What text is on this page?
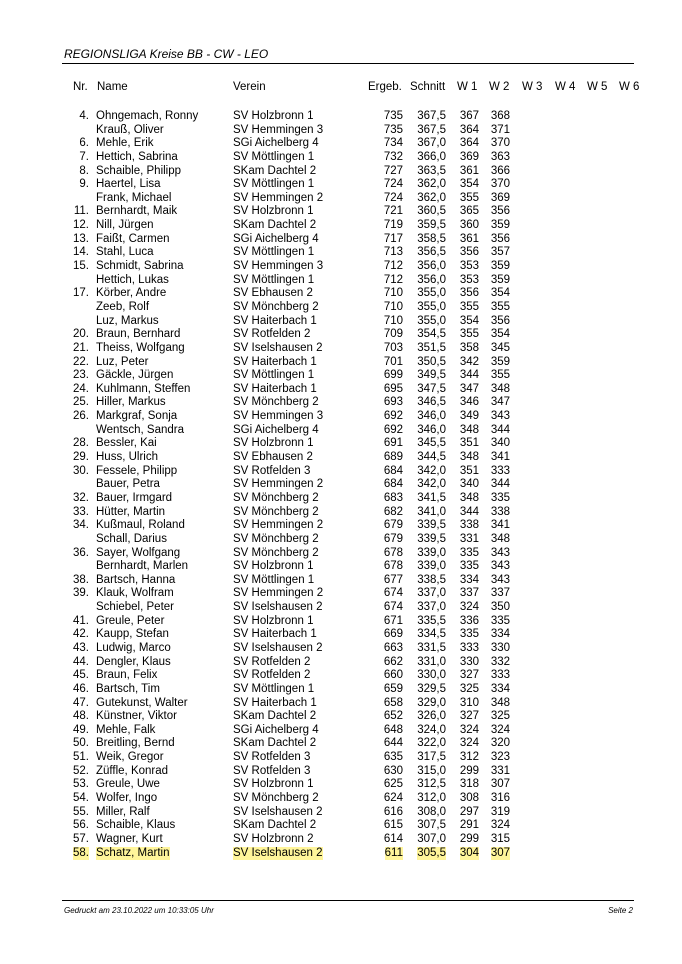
REGIONSLIGA Kreise BB - CW - LEO
Nr. Name	Verein	Ergeb. Schnitt W 1 W 2 W 3 W 4 W 5 W 6
4. Ohngemach, Ronny	SV Holzbronn 1	735 367,5 367 368
Krauß, Oliver	SV Hemmingen 3	735 367,5 364 371
6. Mehle, Erik	SGi Aichelberg 4	734 367,0 364 370
7. Hettich, Sabrina	SV Möttlingen 1	732 366,0 369 363
8. Schaible, Philipp	SKam Dachtel 2	727 363,5 361 366
9. Haertel, Lisa	SV Möttlingen 1	724 362,0 354 370
Frank, Michael	SV Hemmingen 2	724 362,0 355 369
11. Bernhardt, Maik	SV Holzbronn 1	721 360,5 365 356
12. Nill, Jürgen	SKam Dachtel 2	719 359,5 360 359
13. Faißt, Carmen	SGi Aichelberg 4	717 358,5 361 356
14. Stahl, Luca	SV Möttlingen 1	713 356,5 356 357
15. Schmidt, Sabrina	SV Hemmingen 3	712 356,0 353 359
Hettich, Lukas	SV Möttlingen 1	712 356,0 353 359
17. Körber, Andre	SV Ebhausen 2	710 355,0 356 354
Zeeb, Rolf	SV Mönchberg 2	710 355,0 355 355
Luz, Markus	SV Haiterbach 1	710 355,0 354 356
20. Braun, Bernhard	SV Rotfelden 2	709 354,5 355 354
21. Theiss, Wolfgang	SV Iselshausen 2	703 351,5 358 345
22. Luz, Peter	SV Haiterbach 1	701 350,5 342 359
23. Gäckle, Jürgen	SV Möttlingen 1	699 349,5 344 355
24. Kuhlmann, Steffen	SV Haiterbach 1	695 347,5 347 348
25. Hiller, Markus	SV Mönchberg 2	693 346,5 346 347
26. Markgraf, Sonja	SV Hemmingen 3	692 346,0 349 343
Wentsch, Sandra	SGi Aichelberg 4	692 346,0 348 344
28. Bessler, Kai	SV Holzbronn 1	691 345,5 351 340
29. Huss, Ulrich	SV Ebhausen 2	689 344,5 348 341
30. Fessele, Philipp	SV Rotfelden 3	684 342,0 351 333
Bauer, Petra	SV Hemmingen 2	684 342,0 340 344
32. Bauer, Irmgard	SV Mönchberg 2	683 341,5 348 335
33. Hütter, Martin	SV Mönchberg 2	682 341,0 344 338
34. Kußmaul, Roland	SV Hemmingen 2	679 339,5 338 341
Schall, Darius	SV Mönchberg 2	679 339,5 331 348
36. Sayer, Wolfgang	SV Mönchberg 2	678 339,0 335 343
Bernhardt, Marlen	SV Holzbronn 1	678 339,0 335 343
38. Bartsch, Hanna	SV Möttlingen 1	677 338,5 334 343
39. Klauk, Wolfram	SV Hemmingen 2	674 337,0 337 337
Schiebel, Peter	SV Iselshausen 2	674 337,0 324 350
41. Greule, Peter	SV Holzbronn 1	671 335,5 336 335
42. Kaupp, Stefan	SV Haiterbach 1	669 334,5 335 334
43. Ludwig, Marco	SV Iselshausen 2	663 331,5 333 330
44. Dengler, Klaus	SV Rotfelden 2	662 331,0 330 332
45. Braun, Felix	SV Rotfelden 2	660 330,0 327 333
46. Bartsch, Tim	SV Möttlingen 1	659 329,5 325 334
47. Gutekunst, Walter	SV Haiterbach 1	658 329,0 310 348
48. Künstner, Viktor	SKam Dachtel 2	652 326,0 327 325
49. Mehle, Falk	SGi Aichelberg 4	648 324,0 324 324
50. Breitling, Bernd	SKam Dachtel 2	644 322,0 324 320
51. Weik, Gregor	SV Rotfelden 3	635 317,5 312 323
52. Züffle, Konrad	SV Rotfelden 3	630 315,0 299 331
53. Greule, Uwe	SV Holzbronn 1	625 312,5 318 307
54. Wolfer, Ingo	SV Mönchberg 2	624 312,0 308 316
55. Miller, Ralf	SV Iselshausen 2	616 308,0 297 319
56. Schaible, Klaus	SKam Dachtel 2	615 307,5 291 324
57. Wagner, Kurt	SV Holzbronn 2	614 307,0 299 315
58. Schatz, Martin	SV Iselshausen 2	611 305,5 304 307
Gedruckt am 23.10.2022 um 10:33:05 Uhr	Seite 2
